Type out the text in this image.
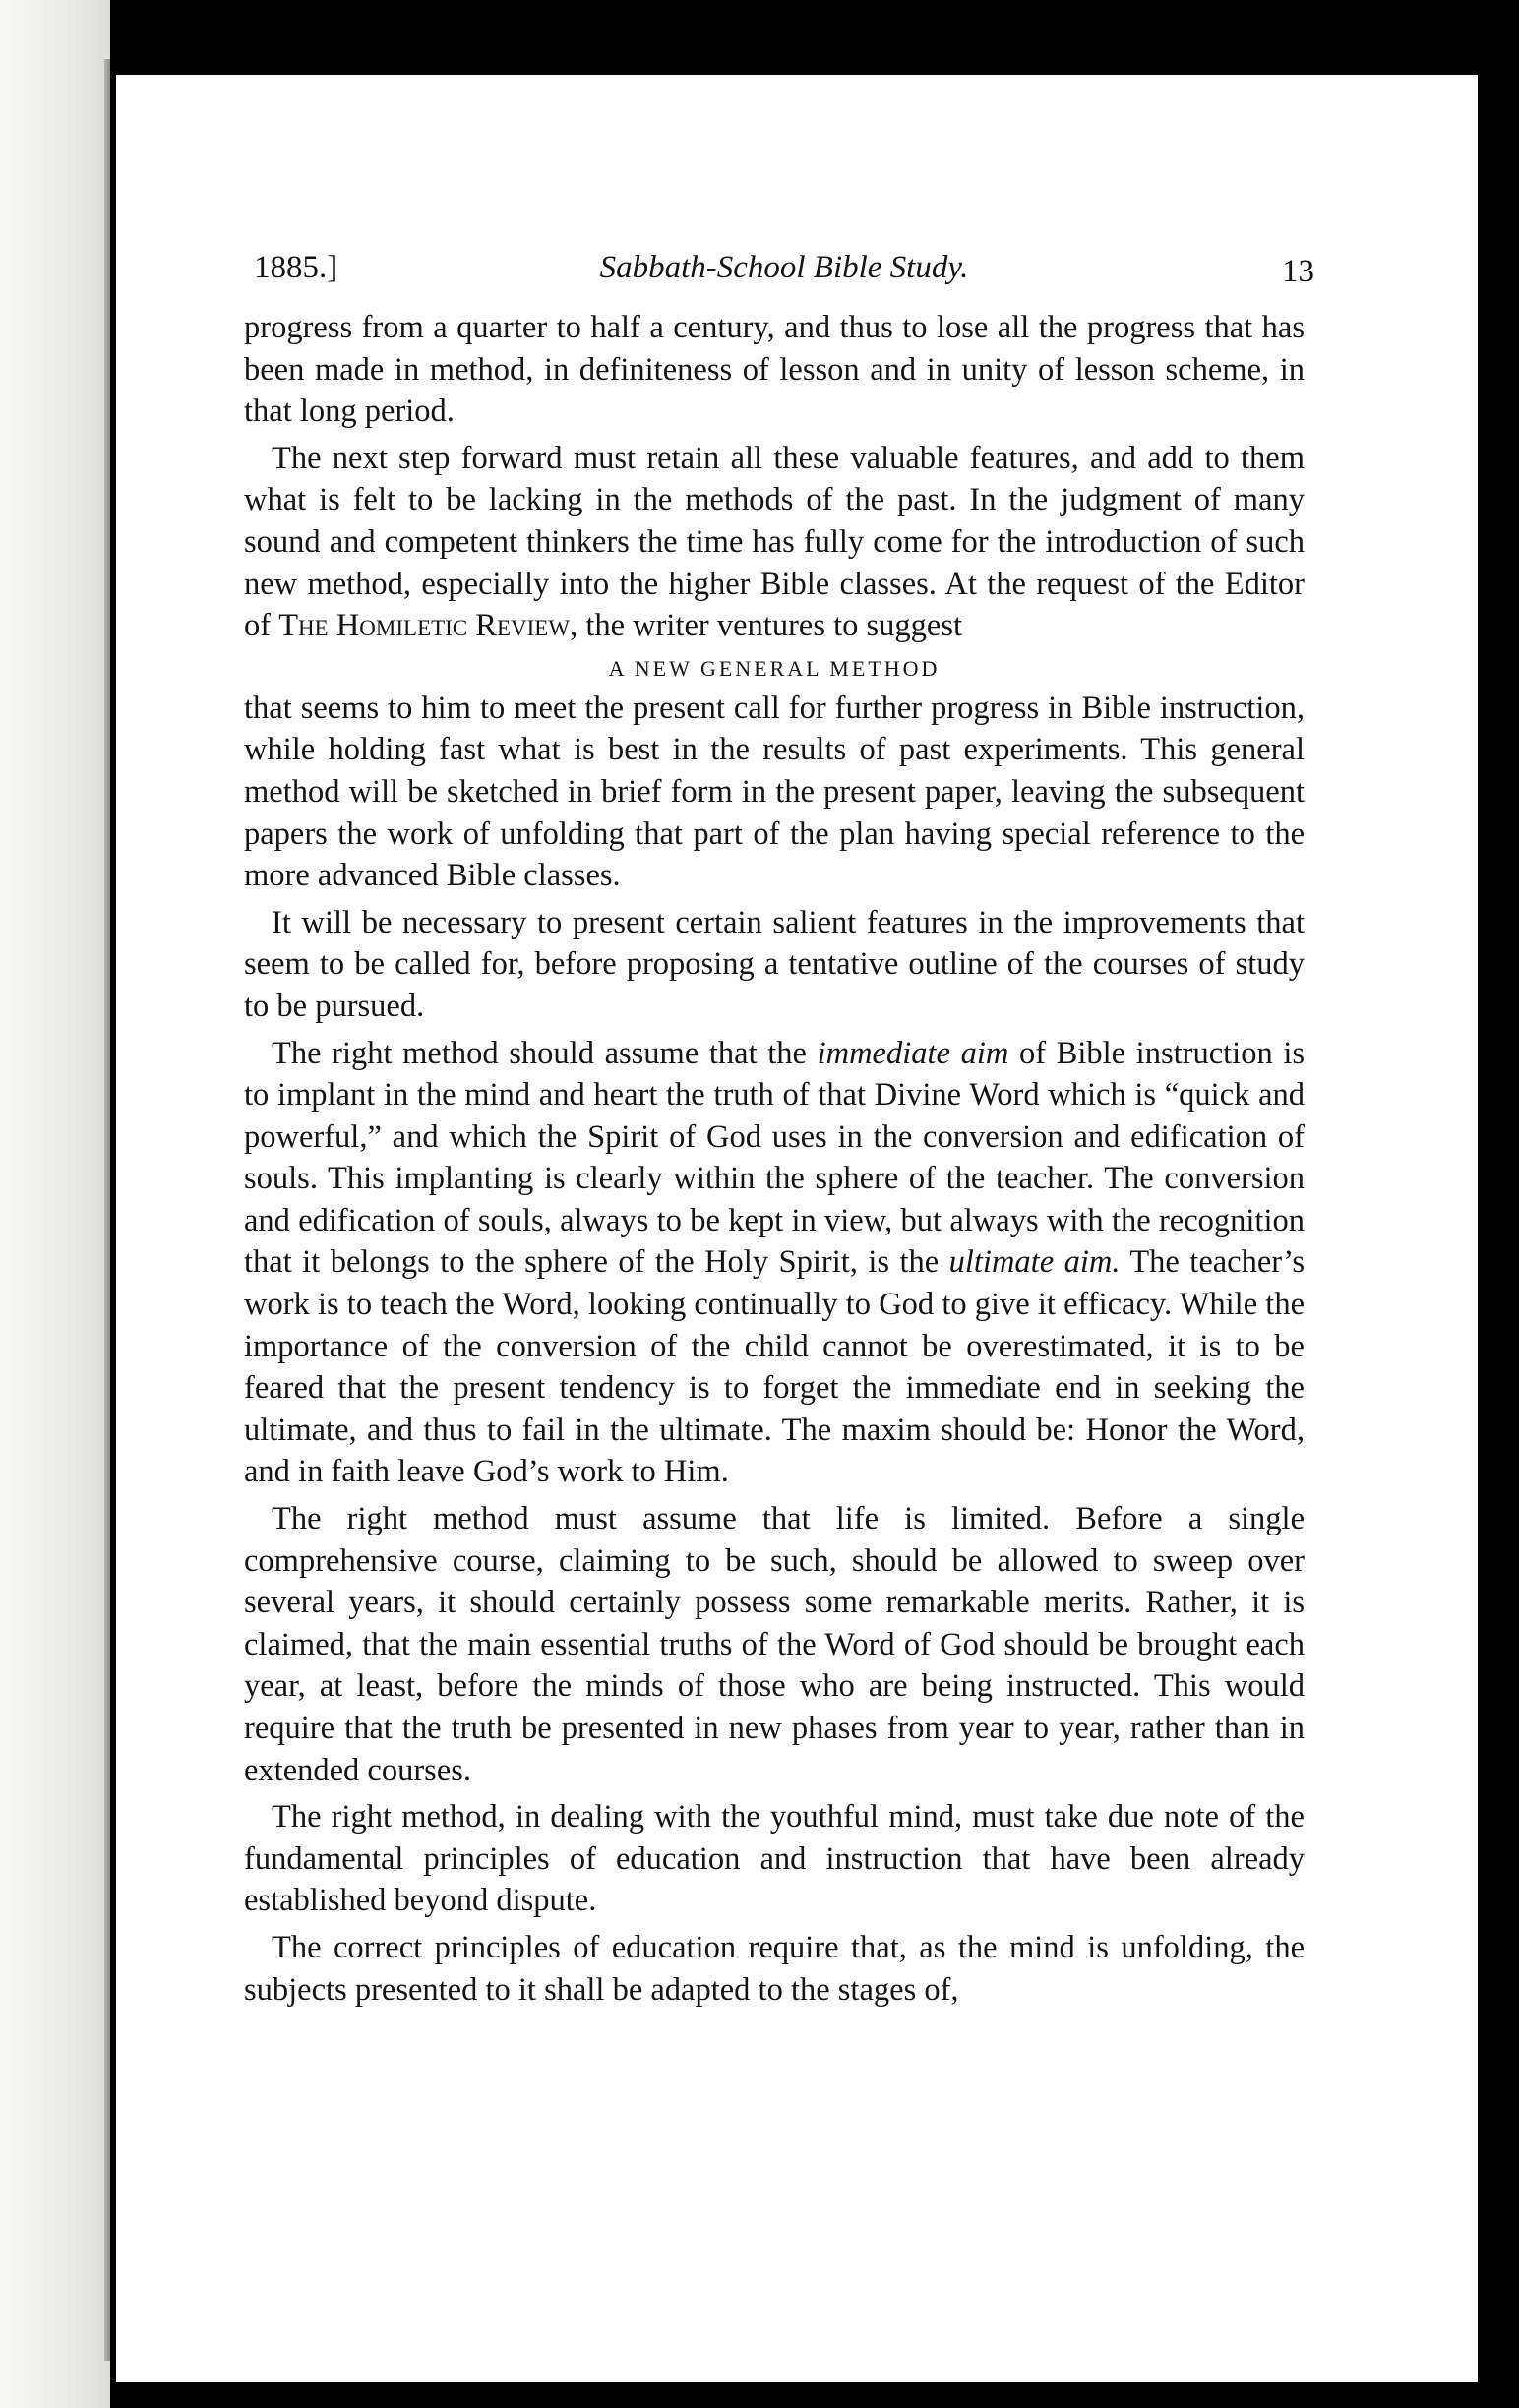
1885.]	Sabbath-School Bible Study.	13

progress from a quarter to half a century, and thus to lose all the progress that has been made in method, in definiteness of lesson and in unity of lesson scheme, in that long period.

The next step forward must retain all these valuable features, and add to them what is felt to be lacking in the methods of the past. In the judgment of many sound and competent thinkers the time has fully come for the introduction of such new method, especially into the higher Bible classes. At the request of the Editor of The Homiletic Review, the writer ventures to suggest

A NEW GENERAL METHOD

that seems to him to meet the present call for further progress in Bible instruction, while holding fast what is best in the results of past experiments. This general method will be sketched in brief form in the present paper, leaving the subsequent papers the work of unfolding that part of the plan having special reference to the more advanced Bible classes.

It will be necessary to present certain salient features in the improvements that seem to be called for, before proposing a tentative outline of the courses of study to be pursued.

The right method should assume that the immediate aim of Bible instruction is to implant in the mind and heart the truth of that Divine Word which is “quick and powerful,” and which the Spirit of God uses in the conversion and edification of souls. This implanting is clearly within the sphere of the teacher. The conversion and edification of souls, always to be kept in view, but always with the recognition that it belongs to the sphere of the Holy Spirit, is the ultimate aim. The teacher’s work is to teach the Word, looking continually to God to give it efficacy. While the importance of the conversion of the child cannot be overestimated, it is to be feared that the present tendency is to forget the immediate end in seeking the ultimate, and thus to fail in the ultimate. The maxim should be: Honor the Word, and in faith leave God’s work to Him.

The right method must assume that life is limited. Before a single comprehensive course, claiming to be such, should be allowed to sweep over several years, it should certainly possess some remarkable merits. Rather, it is claimed, that the main essential truths of the Word of God should be brought each year, at least, before the minds of those who are being instructed. This would require that the truth be presented in new phases from year to year, rather than in extended courses.

The right method, in dealing with the youthful mind, must take due note of the fundamental principles of education and instruction that have been already established beyond dispute.

The correct principles of education require that, as the mind is unfolding, the subjects presented to it shall be adapted to the stages of,
